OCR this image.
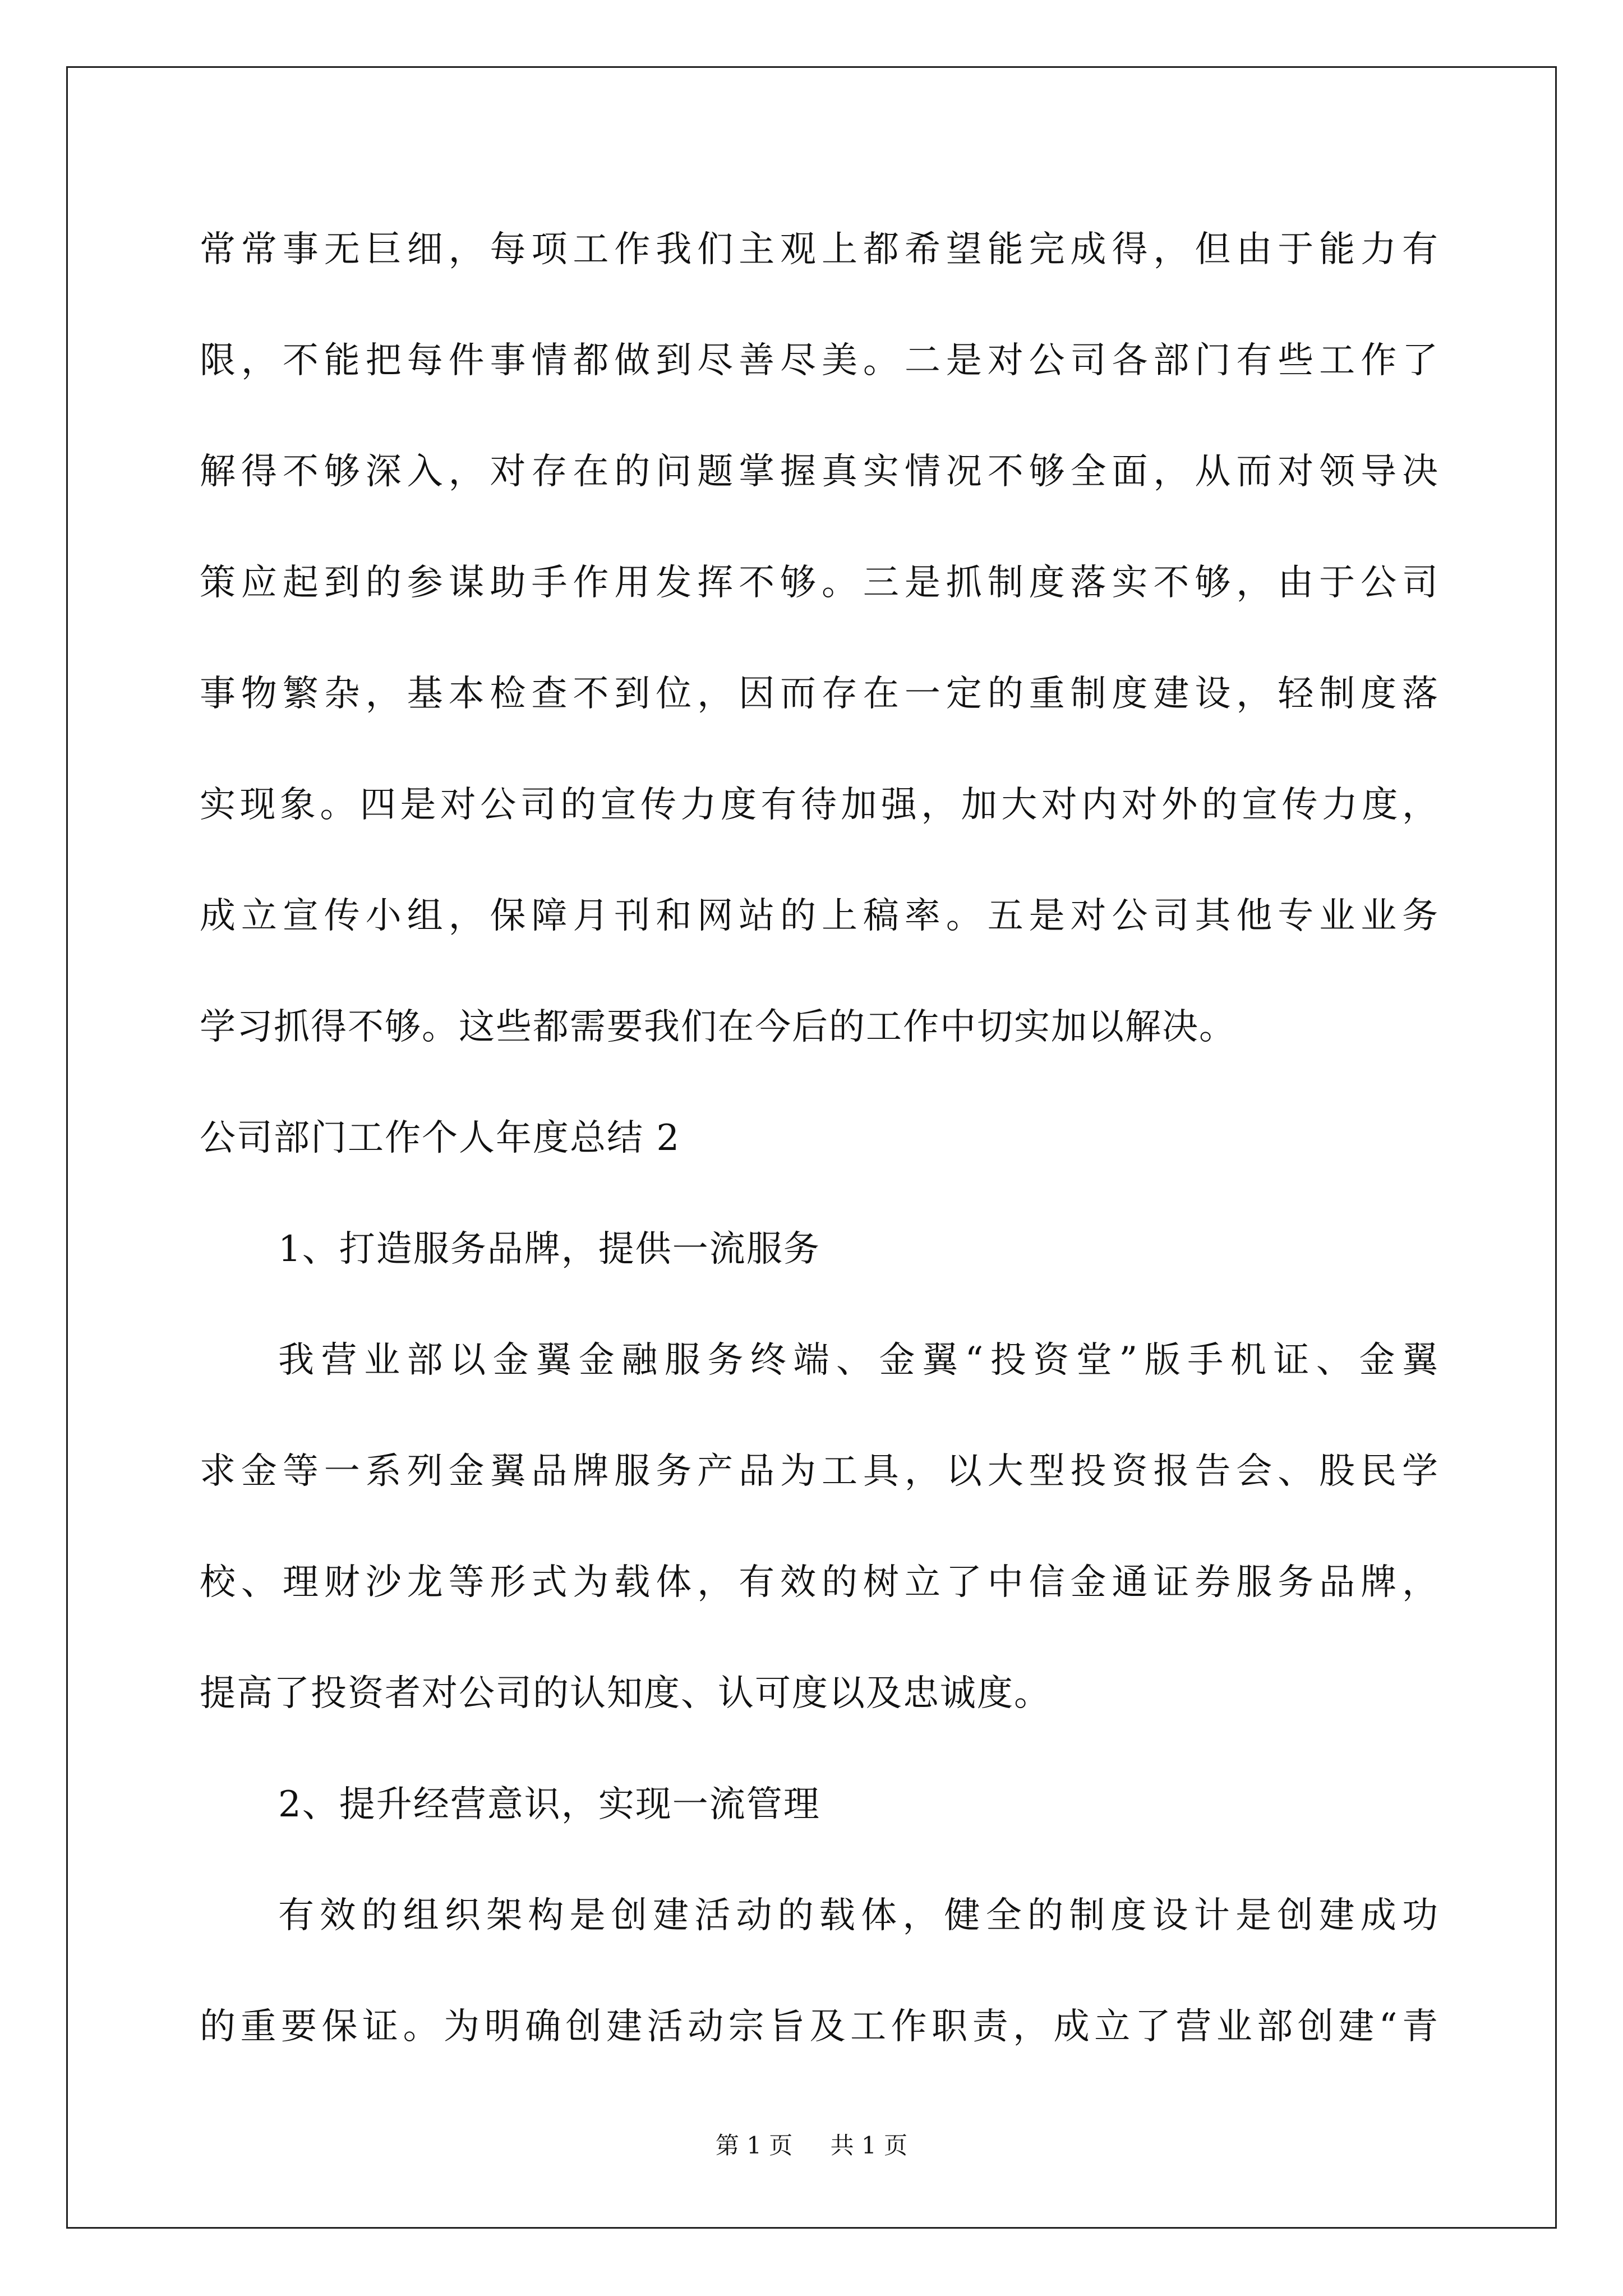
常常事无巨细，每项工作我们主观上都希望能完成得，但由于能力有
限，不能把每件事情都做到尽善尽美。二是对公司各部门有些工作了
解得不够深入，对存在的问题掌握真实情况不够全面，从而对领导决
策应起到的参谋助手作用发挥不够。三是抓制度落实不够，由于公司
事物繁杂，基本检查不到位，因而存在一定的重制度建设，轻制度落
实现象。四是对公司的宣传力度有待加强，加大对内对外的宣传力度，
成立宣传小组，保障月刊和网站的上稿率。五是对公司其他专业业务
学习抓得不够。这些都需要我们在今后的工作中切实加以解决。
公司部门工作个人年度总结 2
1、打造服务品牌，提供一流服务
我营业部以金翼金融服务终端、金翼“投资堂”版手机证、金翼
求金等一系列金翼品牌服务产品为工具，以大型投资报告会、股民学
校、理财沙龙等形式为载体，有效的树立了中信金通证券服务品牌，
提高了投资者对公司的认知度、认可度以及忠诚度。
2、提升经营意识，实现一流管理
有效的组织架构是创建活动的载体，健全的制度设计是创建成功
的重要保证。为明确创建活动宗旨及工作职责，成立了营业部创建“青
第 1 页 共 1 页
